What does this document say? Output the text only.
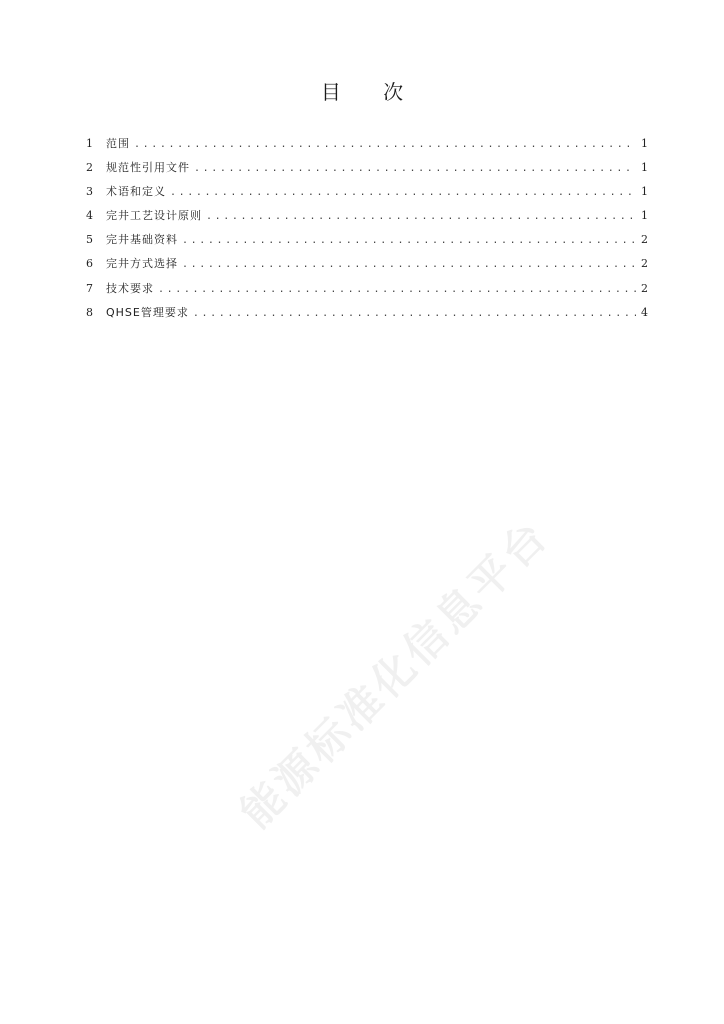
目 次
1	范围 .....	1
2	规范性引用文件 .....	1
3	术语和定义 .....	1
4	完井工艺设计原则 .....	1
5	完井基础资料 .....	2
6	完井方式选择 .....	2
7	技术要求 .....	2
8	QHSE管理要求 .....	4
能源标准化信息平台
